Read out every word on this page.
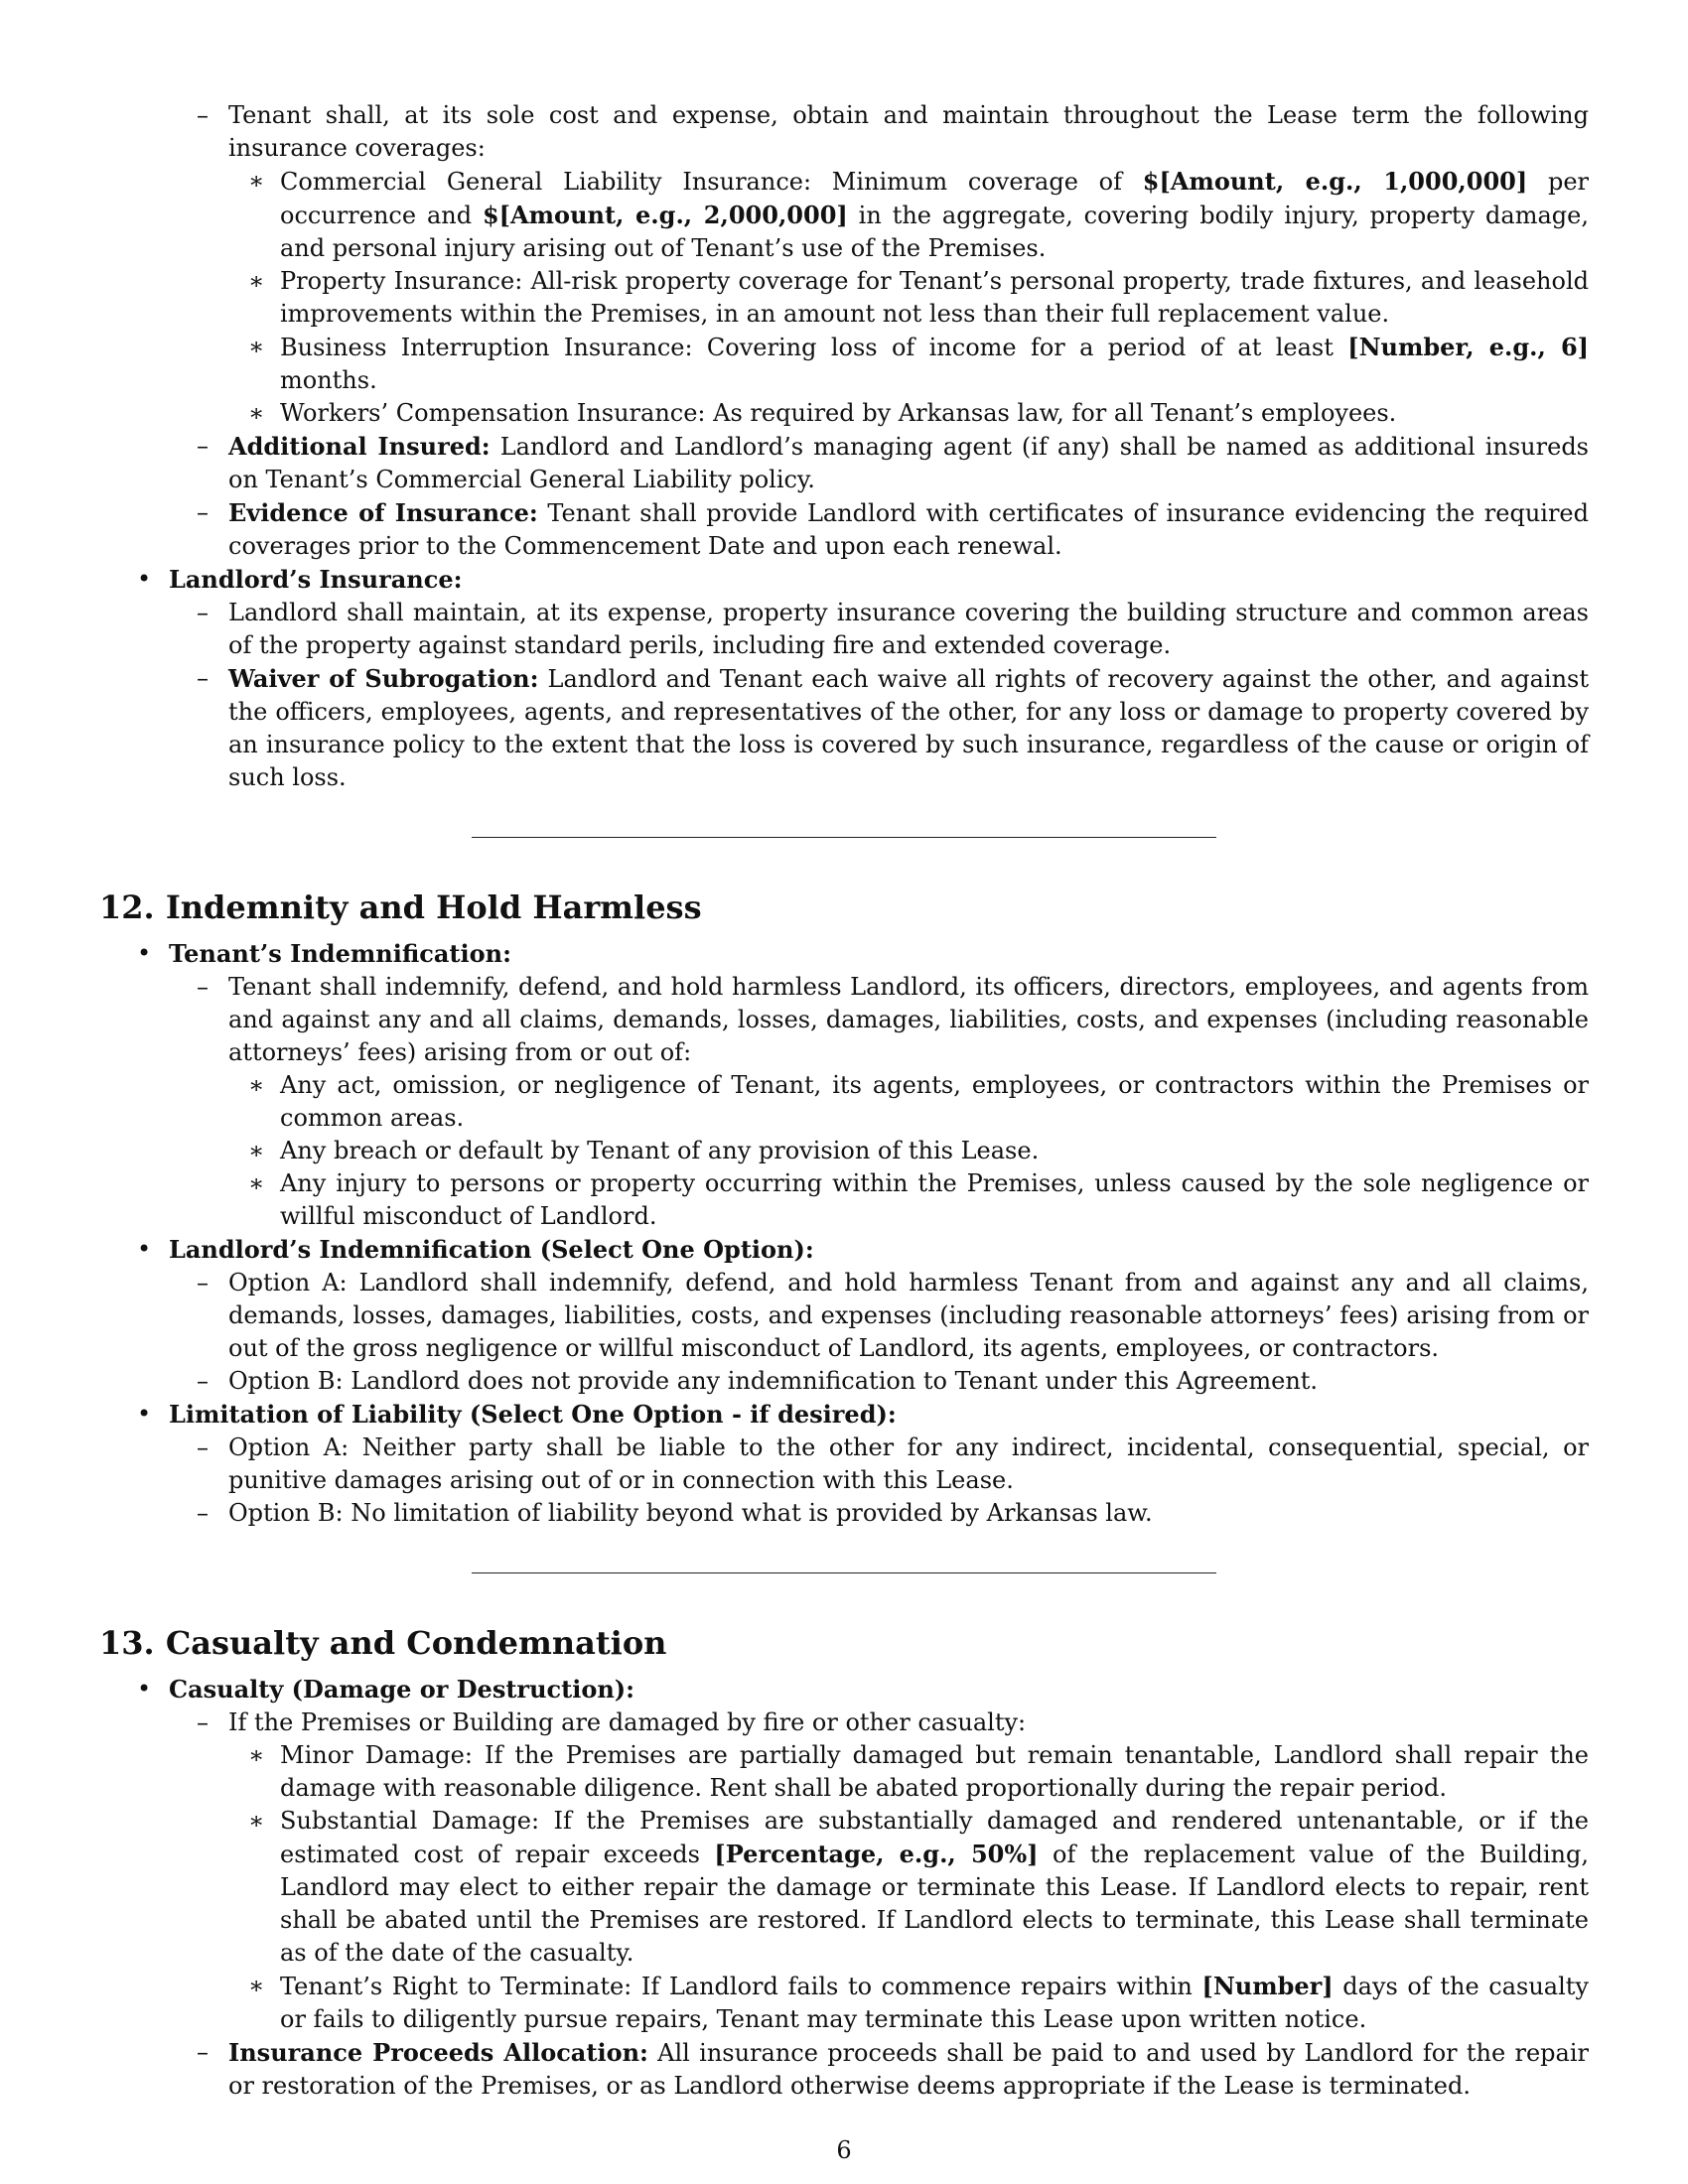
– Tenant shall, at its sole cost and expense, obtain and maintain throughout the Lease term the following insurance coverages:
∗ Commercial General Liability Insurance: Minimum coverage of $[Amount, e.g., 1,000,000] per occurrence and $[Amount, e.g., 2,000,000] in the aggregate, covering bodily injury, property damage, and personal injury arising out of Tenant’s use of the Premises.
∗ Property Insurance: All-risk property coverage for Tenant’s personal property, trade fixtures, and leasehold improvements within the Premises, in an amount not less than their full replacement value.
∗ Business Interruption Insurance: Covering loss of income for a period of at least [Number, e.g., 6] months.
∗ Workers’ Compensation Insurance: As required by Arkansas law, for all Tenant’s employees.
– Additional Insured: Landlord and Landlord’s managing agent (if any) shall be named as additional insureds on Tenant’s Commercial General Liability policy.
– Evidence of Insurance: Tenant shall provide Landlord with certificates of insurance evidencing the required coverages prior to the Commencement Date and upon each renewal.
• Landlord’s Insurance:
– Landlord shall maintain, at its expense, property insurance covering the building structure and common areas of the property against standard perils, including fire and extended coverage.
– Waiver of Subrogation: Landlord and Tenant each waive all rights of recovery against the other, and against the officers, employees, agents, and representatives of the other, for any loss or damage to property covered by an insurance policy to the extent that the loss is covered by such insurance, regardless of the cause or origin of such loss.
12. Indemnity and Hold Harmless
• Tenant’s Indemnification:
– Tenant shall indemnify, defend, and hold harmless Landlord, its officers, directors, employees, and agents from and against any and all claims, demands, losses, damages, liabilities, costs, and expenses (including reasonable attorneys’ fees) arising from or out of:
∗ Any act, omission, or negligence of Tenant, its agents, employees, or contractors within the Premises or common areas.
∗ Any breach or default by Tenant of any provision of this Lease.
∗ Any injury to persons or property occurring within the Premises, unless caused by the sole negligence or willful misconduct of Landlord.
• Landlord’s Indemnification (Select One Option):
– Option A: Landlord shall indemnify, defend, and hold harmless Tenant from and against any and all claims, demands, losses, damages, liabilities, costs, and expenses (including reasonable attorneys’ fees) arising from or out of the gross negligence or willful misconduct of Landlord, its agents, employees, or contractors.
– Option B: Landlord does not provide any indemnification to Tenant under this Agreement.
• Limitation of Liability (Select One Option - if desired):
– Option A: Neither party shall be liable to the other for any indirect, incidental, consequential, special, or punitive damages arising out of or in connection with this Lease.
– Option B: No limitation of liability beyond what is provided by Arkansas law.
13. Casualty and Condemnation
• Casualty (Damage or Destruction):
– If the Premises or Building are damaged by fire or other casualty:
∗ Minor Damage: If the Premises are partially damaged but remain tenantable, Landlord shall repair the damage with reasonable diligence. Rent shall be abated proportionally during the repair period.
∗ Substantial Damage: If the Premises are substantially damaged and rendered untenantable, or if the estimated cost of repair exceeds [Percentage, e.g., 50%] of the replacement value of the Building, Landlord may elect to either repair the damage or terminate this Lease. If Landlord elects to repair, rent shall be abated until the Premises are restored. If Landlord elects to terminate, this Lease shall terminate as of the date of the casualty.
∗ Tenant’s Right to Terminate: If Landlord fails to commence repairs within [Number] days of the casualty or fails to diligently pursue repairs, Tenant may terminate this Lease upon written notice.
– Insurance Proceeds Allocation: All insurance proceeds shall be paid to and used by Landlord for the repair or restoration of the Premises, or as Landlord otherwise deems appropriate if the Lease is terminated.
6
